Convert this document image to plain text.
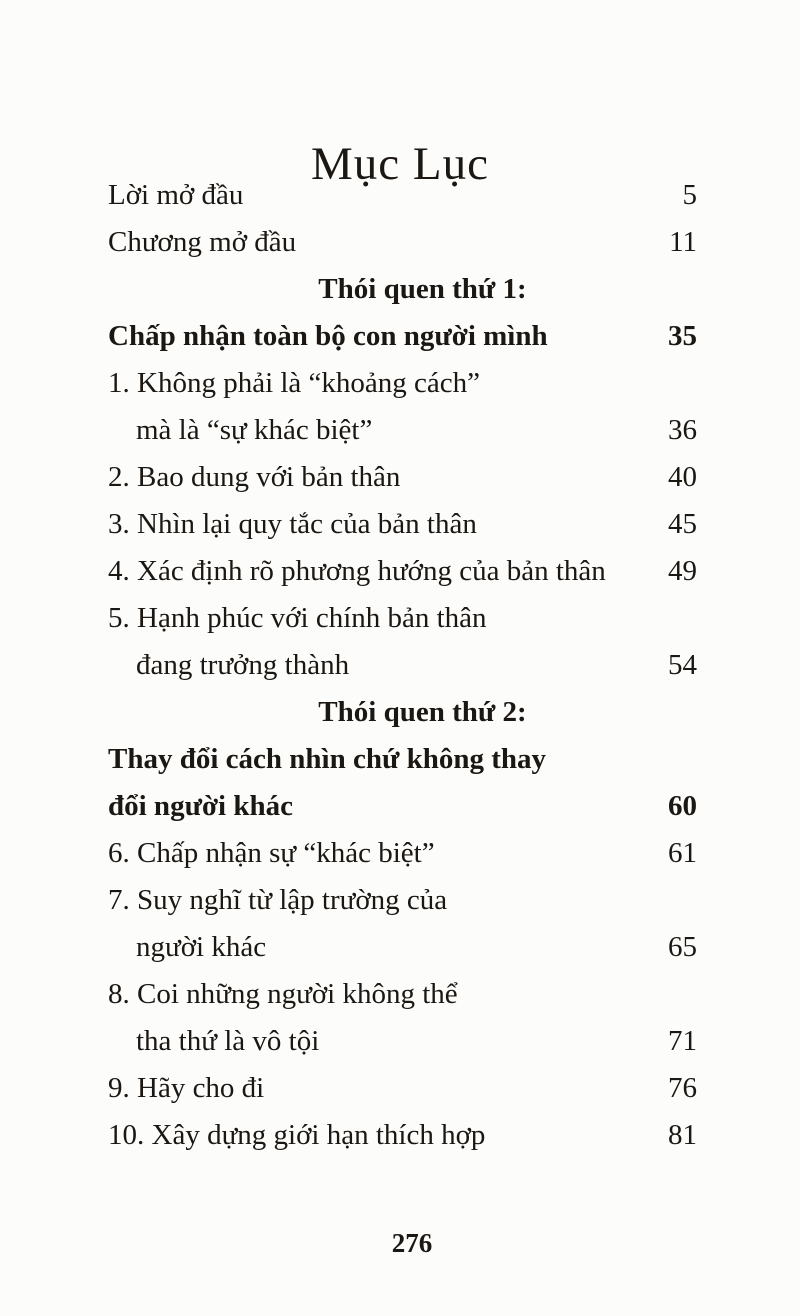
Mục Lục
Lời mở đầu	5
Chương mở đầu	11
Thói quen thứ 1:
Chấp nhận toàn bộ con người mình	35
1. Không phải là “khoảng cách”
mà là “sự khác biệt”	36
2. Bao dung với bản thân	40
3. Nhìn lại quy tắc của bản thân	45
4. Xác định rõ phương hướng của bản thân	49
5. Hạnh phúc với chính bản thân
đang trưởng thành	54
Thói quen thứ 2:
Thay đổi cách nhìn chứ không thay
đổi người khác	60
6. Chấp nhận sự “khác biệt”	61
7. Suy nghĩ từ lập trường của
người khác	65
8. Coi những người không thể
tha thứ là vô tội	71
9. Hãy cho đi	76
10. Xây dựng giới hạn thích hợp	81
276
